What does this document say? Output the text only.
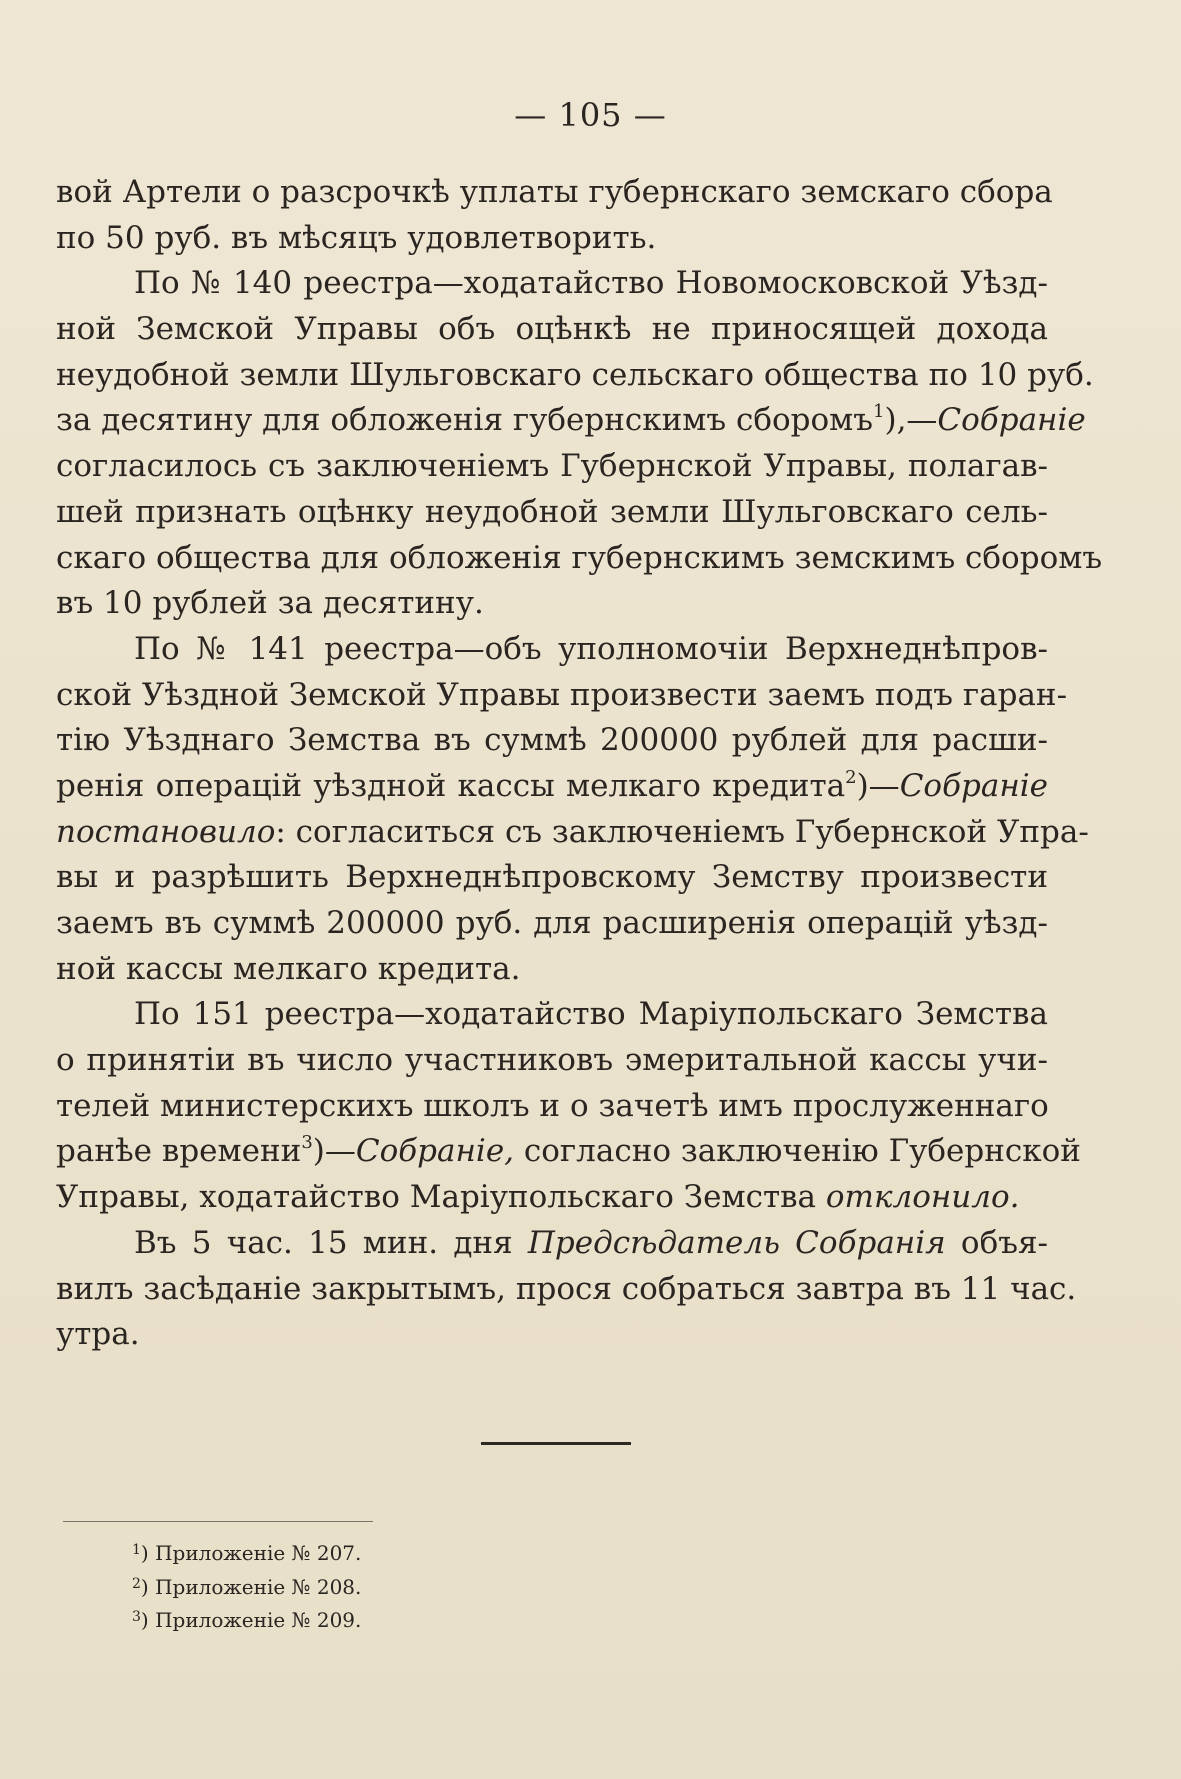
— 105 —
вой Артели о разсрочкѣ уплаты губернскаго земскаго сбора
по 50 руб. въ мѣсяцъ удовлетворить.
По № 140 реестра—ходатайство Новомосковской Уѣзд-
ной Земской Управы объ оцѣнкѣ не приносящей дохода
неудобной земли Шульговскаго сельскаго общества по 10 руб.
за десятину для обложенія губернскимъ сборомъ$^1$),—Собраніе
согласилось съ заключеніемъ Губернской Управы, полагав-
шей признать оцѣнку неудобной земли Шульговскаго сель-
скаго общества для обложенія губернскимъ земскимъ сборомъ
въ 10 рублей за десятину.
По № 141 реестра—объ уполномочіи Верхнеднѣпров-
ской Уѣздной Земской Управы произвести заемъ подъ гаран-
тію Уѣзднаго Земства въ суммѣ 200000 рублей для расши-
ренія операцій уѣздной кассы мелкаго кредита$^2$)—Собраніе
постановило: согласиться съ заключеніемъ Губернской Упра-
вы и разрѣшить Верхнеднѣпровскому Земству произвести
заемъ въ суммѣ 200000 руб. для расширенія операцій уѣзд-
ной кассы мелкаго кредита.
По 151 реестра—ходатайство Маріупольскаго Земства
о принятіи въ число участниковъ эмеритальной кассы учи-
телей министерскихъ школъ и о зачетѣ имъ прослуженнаго
ранѣе времени$^3$)—Собраніе, согласно заключенію Губернской
Управы, ходатайство Маріупольскаго Земства отклонило.
Въ 5 час. 15 мин. дня Предсѣдатель Собранія объя-
вилъ засѣданіе закрытымъ, прося собраться завтра въ 11 час.
утра.
$^1$) Приложеніе № 207.
$^2$) Приложеніе № 208.
$^3$) Приложеніе № 209.
